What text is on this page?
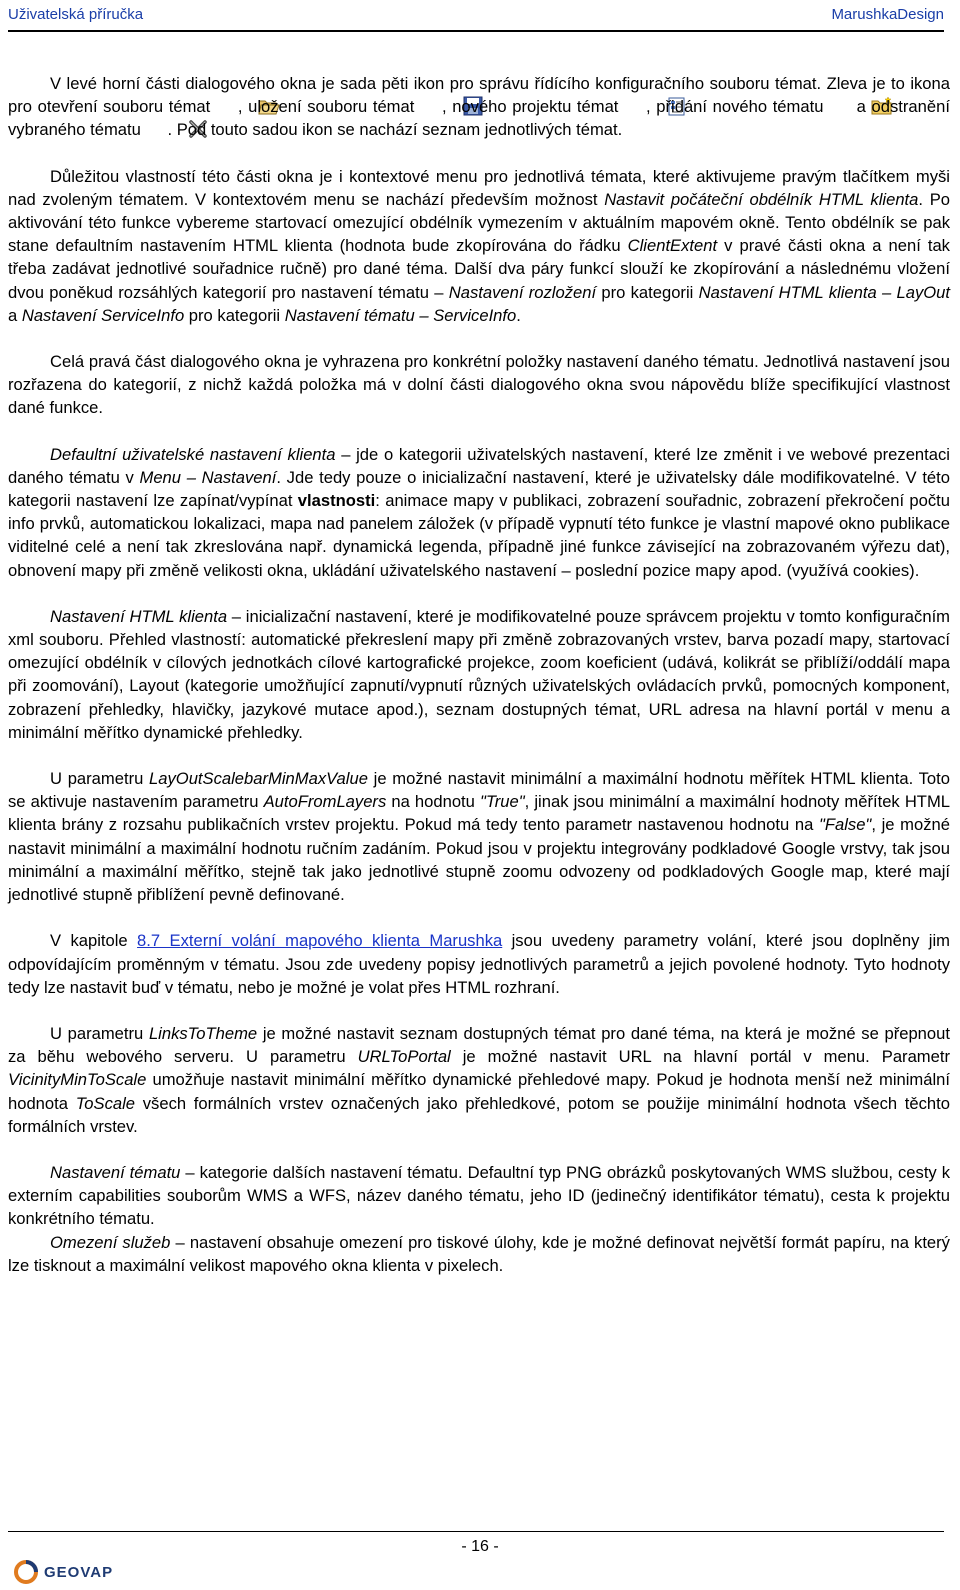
Uživatelská příručka	MarushkaDesign

V levé horní části dialogového okna je sada pěti ikon pro správu řídícího konfiguračního souboru témat. Zleva je to ikona pro otevření souboru témat , uložení souboru témat , nového projektu témat , přidání nového tématu a odstranění vybraného tématu . Pod touto sadou ikon se nachází seznam jednotlivých témat.

Důležitou vlastností této části okna je i kontextové menu pro jednotlivá témata, které aktivujeme pravým tlačítkem myši nad zvoleným tématem. V kontextovém menu se nachází především možnost Nastavit počáteční obdélník HTML klienta. Po aktivování této funkce vybereme startovací omezující obdélník vymezením v aktuálním mapovém okně. Tento obdélník se pak stane defaultním nastavením HTML klienta (hodnota bude zkopírována do řádku ClientExtent v pravé části okna a není tak třeba zadávat jednotlivé souřadnice ručně) pro dané téma. Další dva páry funkcí slouží ke zkopírování a následnému vložení dvou poněkud rozsáhlých kategorií pro nastavení tématu – Nastavení rozložení pro kategorii Nastavení HTML klienta – LayOut a Nastavení ServiceInfo pro kategorii Nastavení tématu – ServiceInfo.

Celá pravá část dialogového okna je vyhrazena pro konkrétní položky nastavení daného tématu. Jednotlivá nastavení jsou rozřazena do kategorií, z nichž každá položka má v dolní části dialogového okna svou nápovědu blíže specifikující vlastnost dané funkce.

Defaultní uživatelské nastavení klienta – jde o kategorii uživatelských nastavení, které lze změnit i ve webové prezentaci daného tématu v Menu – Nastavení. Jde tedy pouze o inicializační nastavení, které je uživatelsky dále modifikovatelné. V této kategorii nastavení lze zapínat/vypínat vlastnosti: animace mapy v publikaci, zobrazení souřadnic, zobrazení překročení počtu info prvků, automatickou lokalizaci, mapa nad panelem záložek (v případě vypnutí této funkce je vlastní mapové okno publikace viditelné celé a není tak zkreslována např. dynamická legenda, případně jiné funkce závisející na zobrazovaném výřezu dat), obnovení mapy při změně velikosti okna, ukládání uživatelského nastavení – poslední pozice mapy apod. (využívá cookies).

Nastavení HTML klienta – inicializační nastavení, které je modifikovatelné pouze správcem projektu v tomto konfiguračním xml souboru. Přehled vlastností: automatické překreslení mapy při změně zobrazovaných vrstev, barva pozadí mapy, startovací omezující obdélník v cílových jednotkách cílové kartografické projekce, zoom koeficient (udává, kolikrát se přiblíží/oddálí mapa při zoomování), Layout (kategorie umožňující zapnutí/vypnutí různých uživatelských ovládacích prvků, pomocných komponent, zobrazení přehledky, hlavičky, jazykové mutace apod.), seznam dostupných témat, URL adresa na hlavní portál v menu a minimální měřítko dynamické přehledky.

U parametru LayOutScalebarMinMaxValue je možné nastavit minimální a maximální hodnotu měřítek HTML klienta. Toto se aktivuje nastavením parametru AutoFromLayers na hodnotu "True", jinak jsou minimální a maximální hodnoty měřítek HTML klienta brány z rozsahu publikačních vrstev projektu. Pokud má tedy tento parametr nastavenou hodnotu na "False", je možné nastavit minimální a maximální hodnotu ručním zadáním. Pokud jsou v projektu integrovány podkladové Google vrstvy, tak jsou minimální a maximální měřítko, stejně tak jako jednotlivé stupně zoomu odvozeny od podkladových Google map, které mají jednotlivé stupně přiblížení pevně definované.

V kapitole 8.7 Externí volání mapového klienta Marushka jsou uvedeny parametry volání, které jsou doplněny jim odpovídajícím proměnným v tématu. Jsou zde uvedeny popisy jednotlivých parametrů a jejich povolené hodnoty. Tyto hodnoty tedy lze nastavit buď v tématu, nebo je možné je volat přes HTML rozhraní.

U parametru LinksToTheme je možné nastavit seznam dostupných témat pro dané téma, na která je možné se přepnout za běhu webového serveru. U parametru URLToPortal je možné nastavit URL na hlavní portál v menu. Parametr VicinityMinToScale umožňuje nastavit minimální měřítko dynamické přehledové mapy. Pokud je hodnota menší než minimální hodnota ToScale všech formálních vrstev označených jako přehledkové, potom se použije minimální hodnota všech těchto formálních vrstev.

Nastavení tématu – kategorie dalších nastavení tématu. Defaultní typ PNG obrázků poskytovaných WMS službou, cesty k externím capabilities souborům WMS a WFS, název daného tématu, jeho ID (jedinečný identifikátor tématu), cesta k projektu konkrétního tématu.

Omezení služeb – nastavení obsahuje omezení pro tiskové úlohy, kde je možné definovat největší formát papíru, na který lze tisknout a maximální velikost mapového okna klienta v pixelech.

- 16 -
GEOVAP
